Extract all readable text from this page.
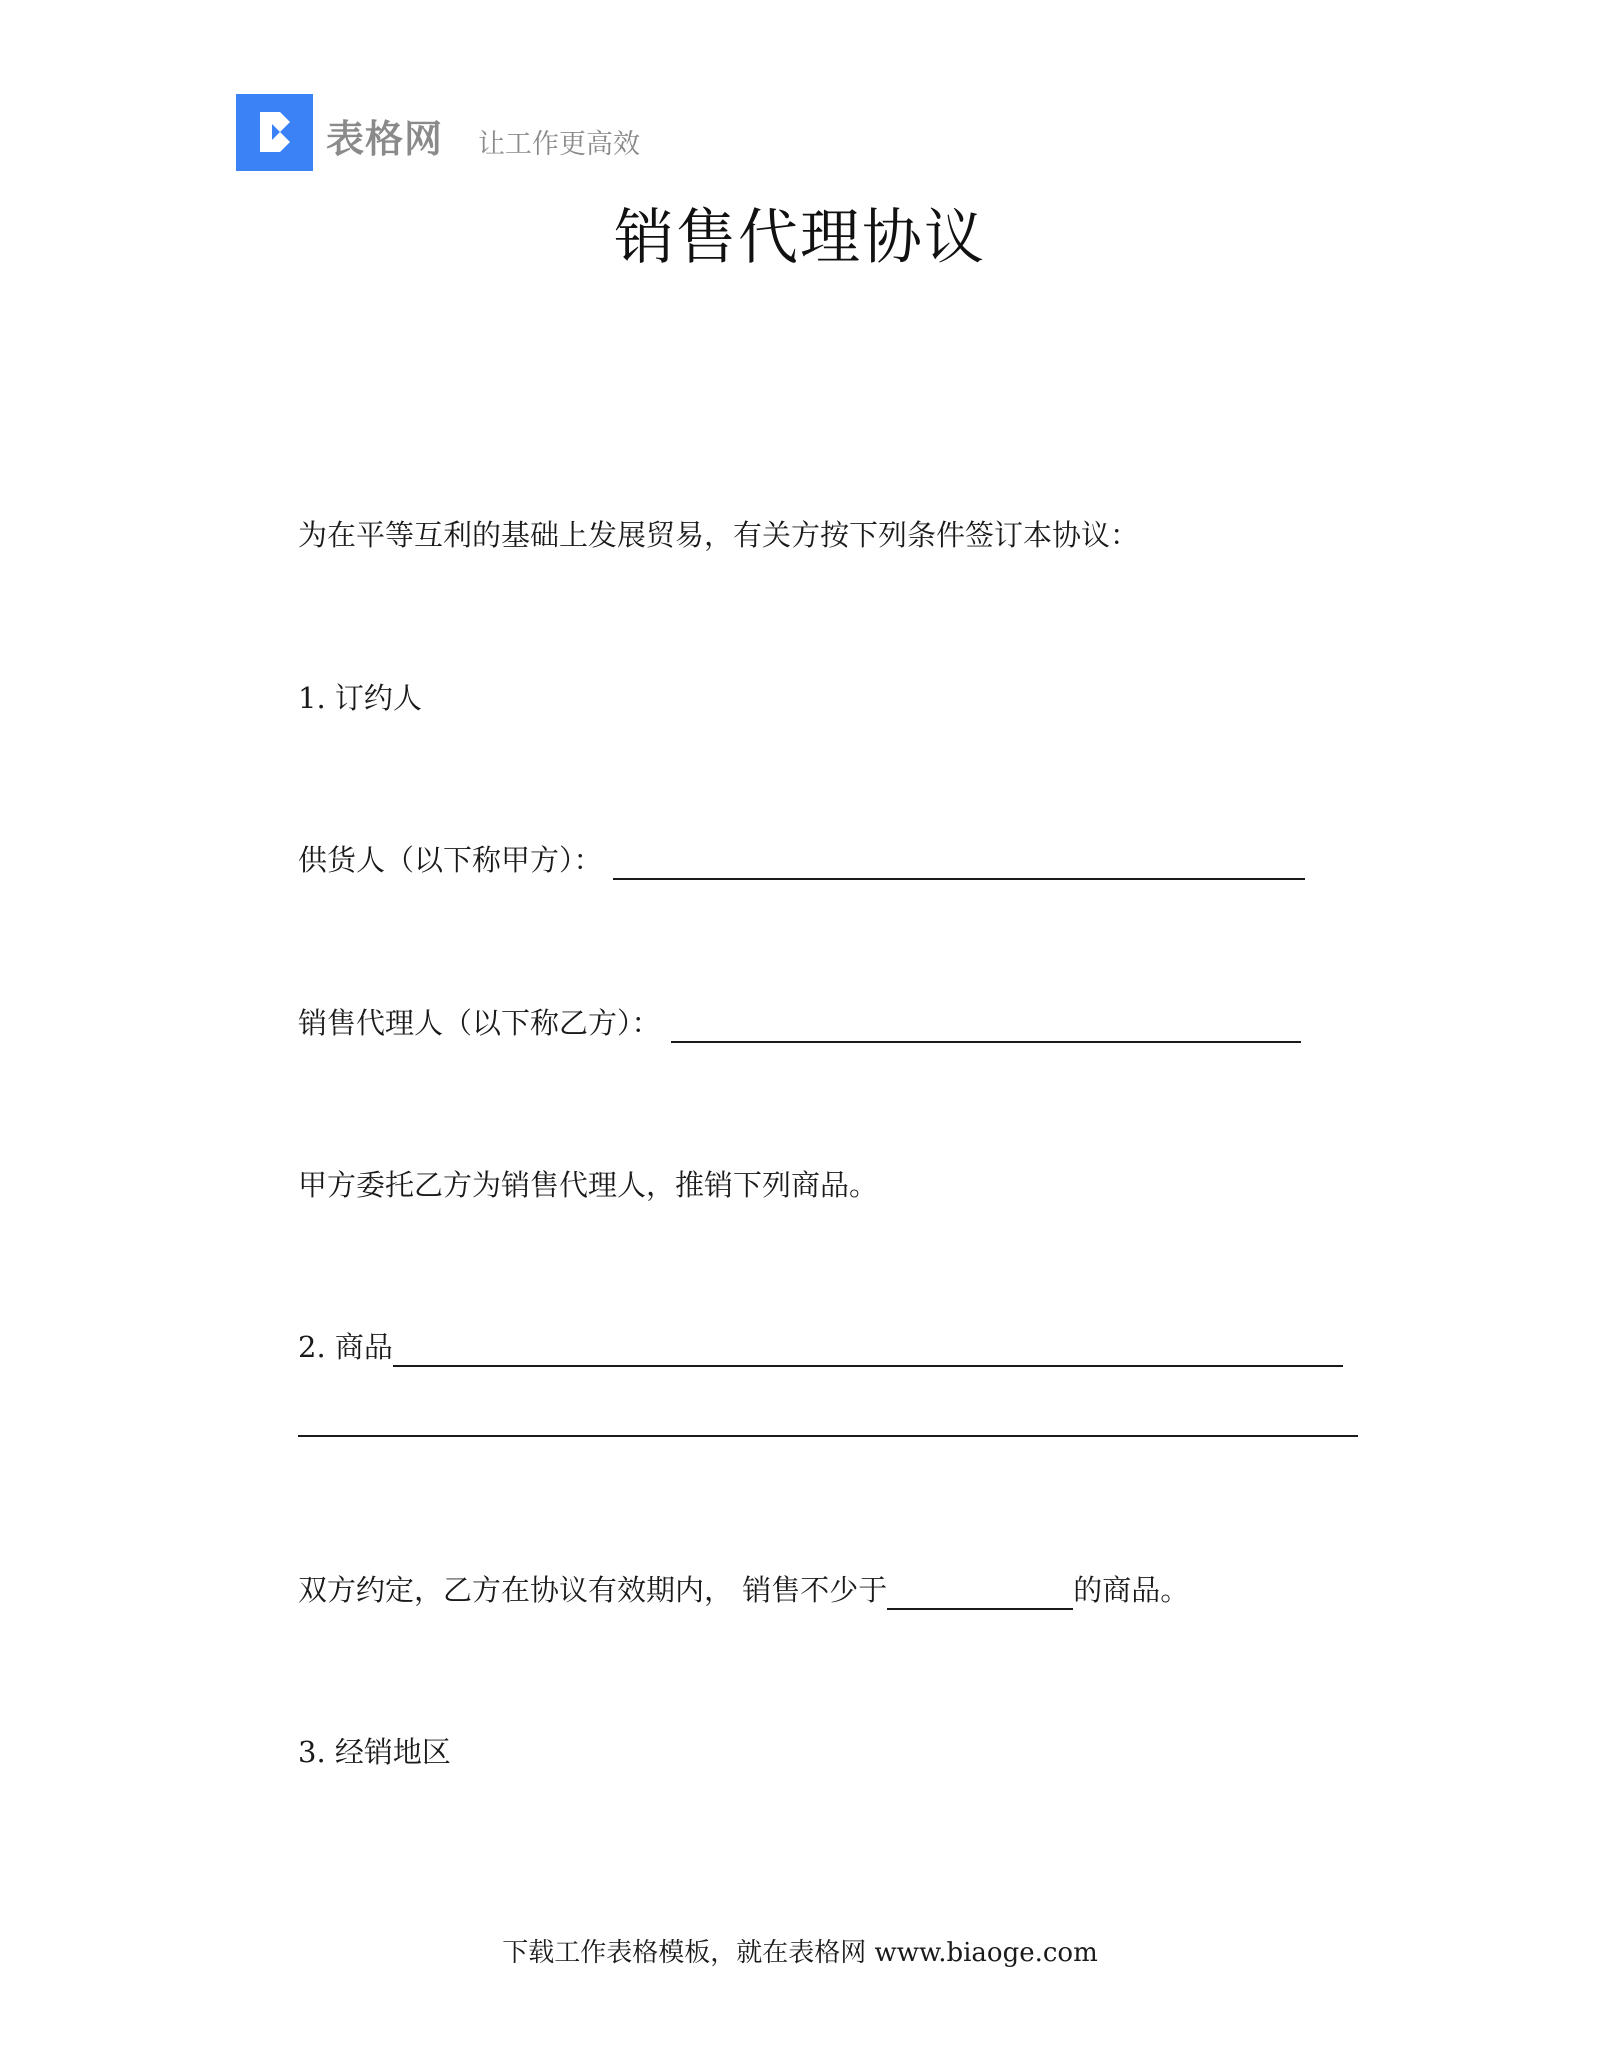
表格网 让工作更高效
销售代理协议
为在平等互利的基础上发展贸易，有关方按下列条件签订本协议：
1. 订约人
供货人（以下称甲方）：
销售代理人（以下称乙方）：
甲方委托乙方为销售代理人，推销下列商品。
2. 商品
双方约定，乙方在协议有效期内， 销售不少于	的商品。
3. 经销地区
下载工作表格模板，就在表格网 www.biaoge.com
